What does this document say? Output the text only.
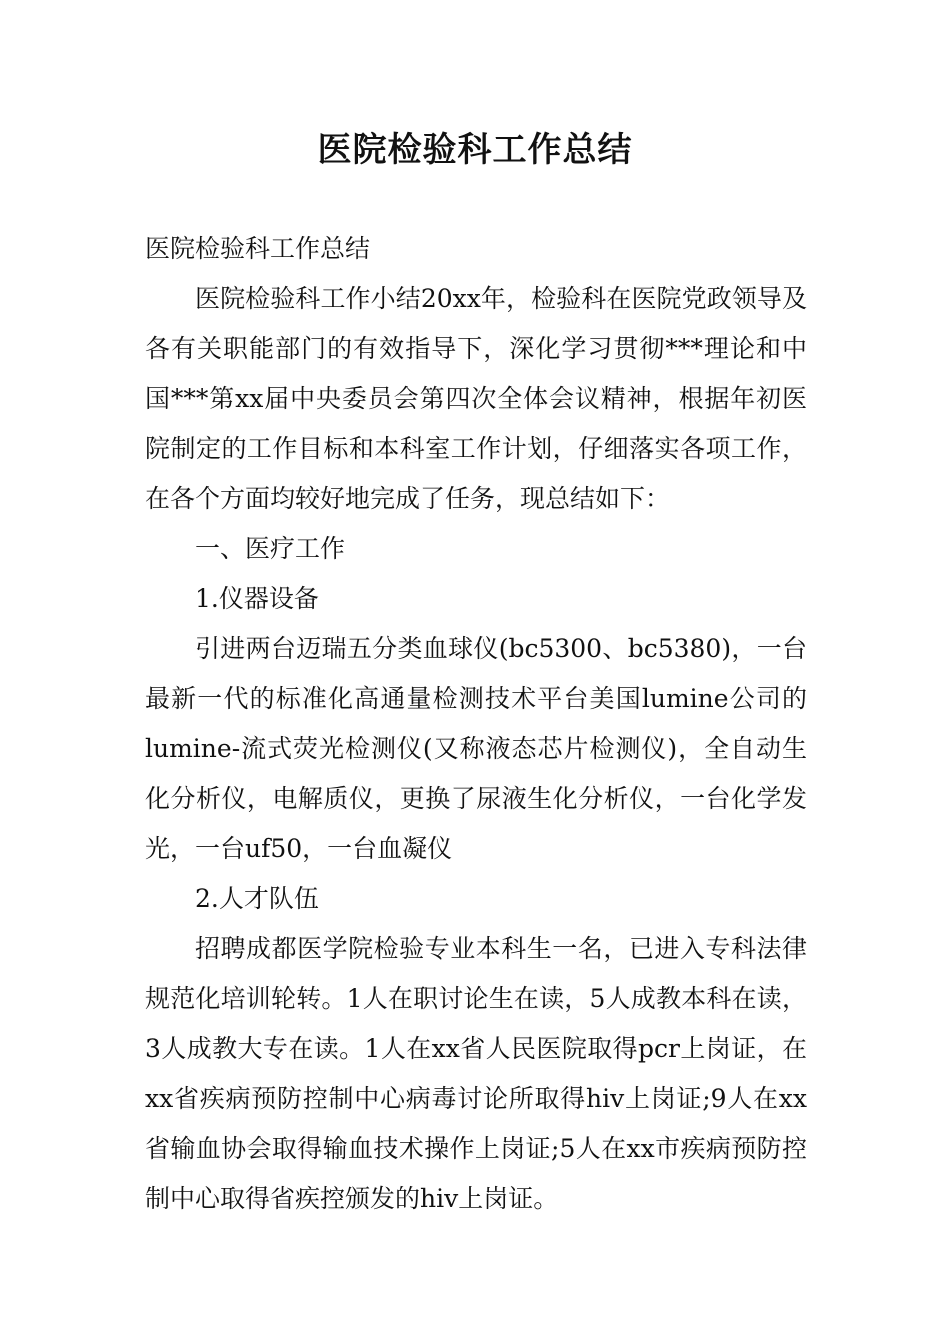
医院检验科工作总结

医院检验科工作总结

医院检验科工作小结20xx年，检验科在医院党政领导及各有关职能部门的有效指导下，深化学习贯彻***理论和中国***第xx届中央委员会第四次全体会议精神，根据年初医院制定的工作目标和本科室工作计划，仔细落实各项工作，在各个方面均较好地完成了任务，现总结如下：

一、医疗工作

1.仪器设备

引进两台迈瑞五分类血球仪(bc5300、bc5380)，一台最新一代的标准化高通量检测技术平台美国lumine公司的lumine-流式荧光检测仪(又称液态芯片检测仪)，全自动生化分析仪，电解质仪，更换了尿液生化分析仪，一台化学发光，一台uf50，一台血凝仪

2.人才队伍

招聘成都医学院检验专业本科生一名，已进入专科法律规范化培训轮转。1人在职讨论生在读，5人成教本科在读，3人成教大专在读。1人在xx省人民医院取得pcr上岗证，在xx省疾病预防控制中心病毒讨论所取得hiv上岗证;9人在xx省输血协会取得输血技术操作上岗证;5人在xx市疾病预防控制中心取得省疾控颁发的hiv上岗证。
